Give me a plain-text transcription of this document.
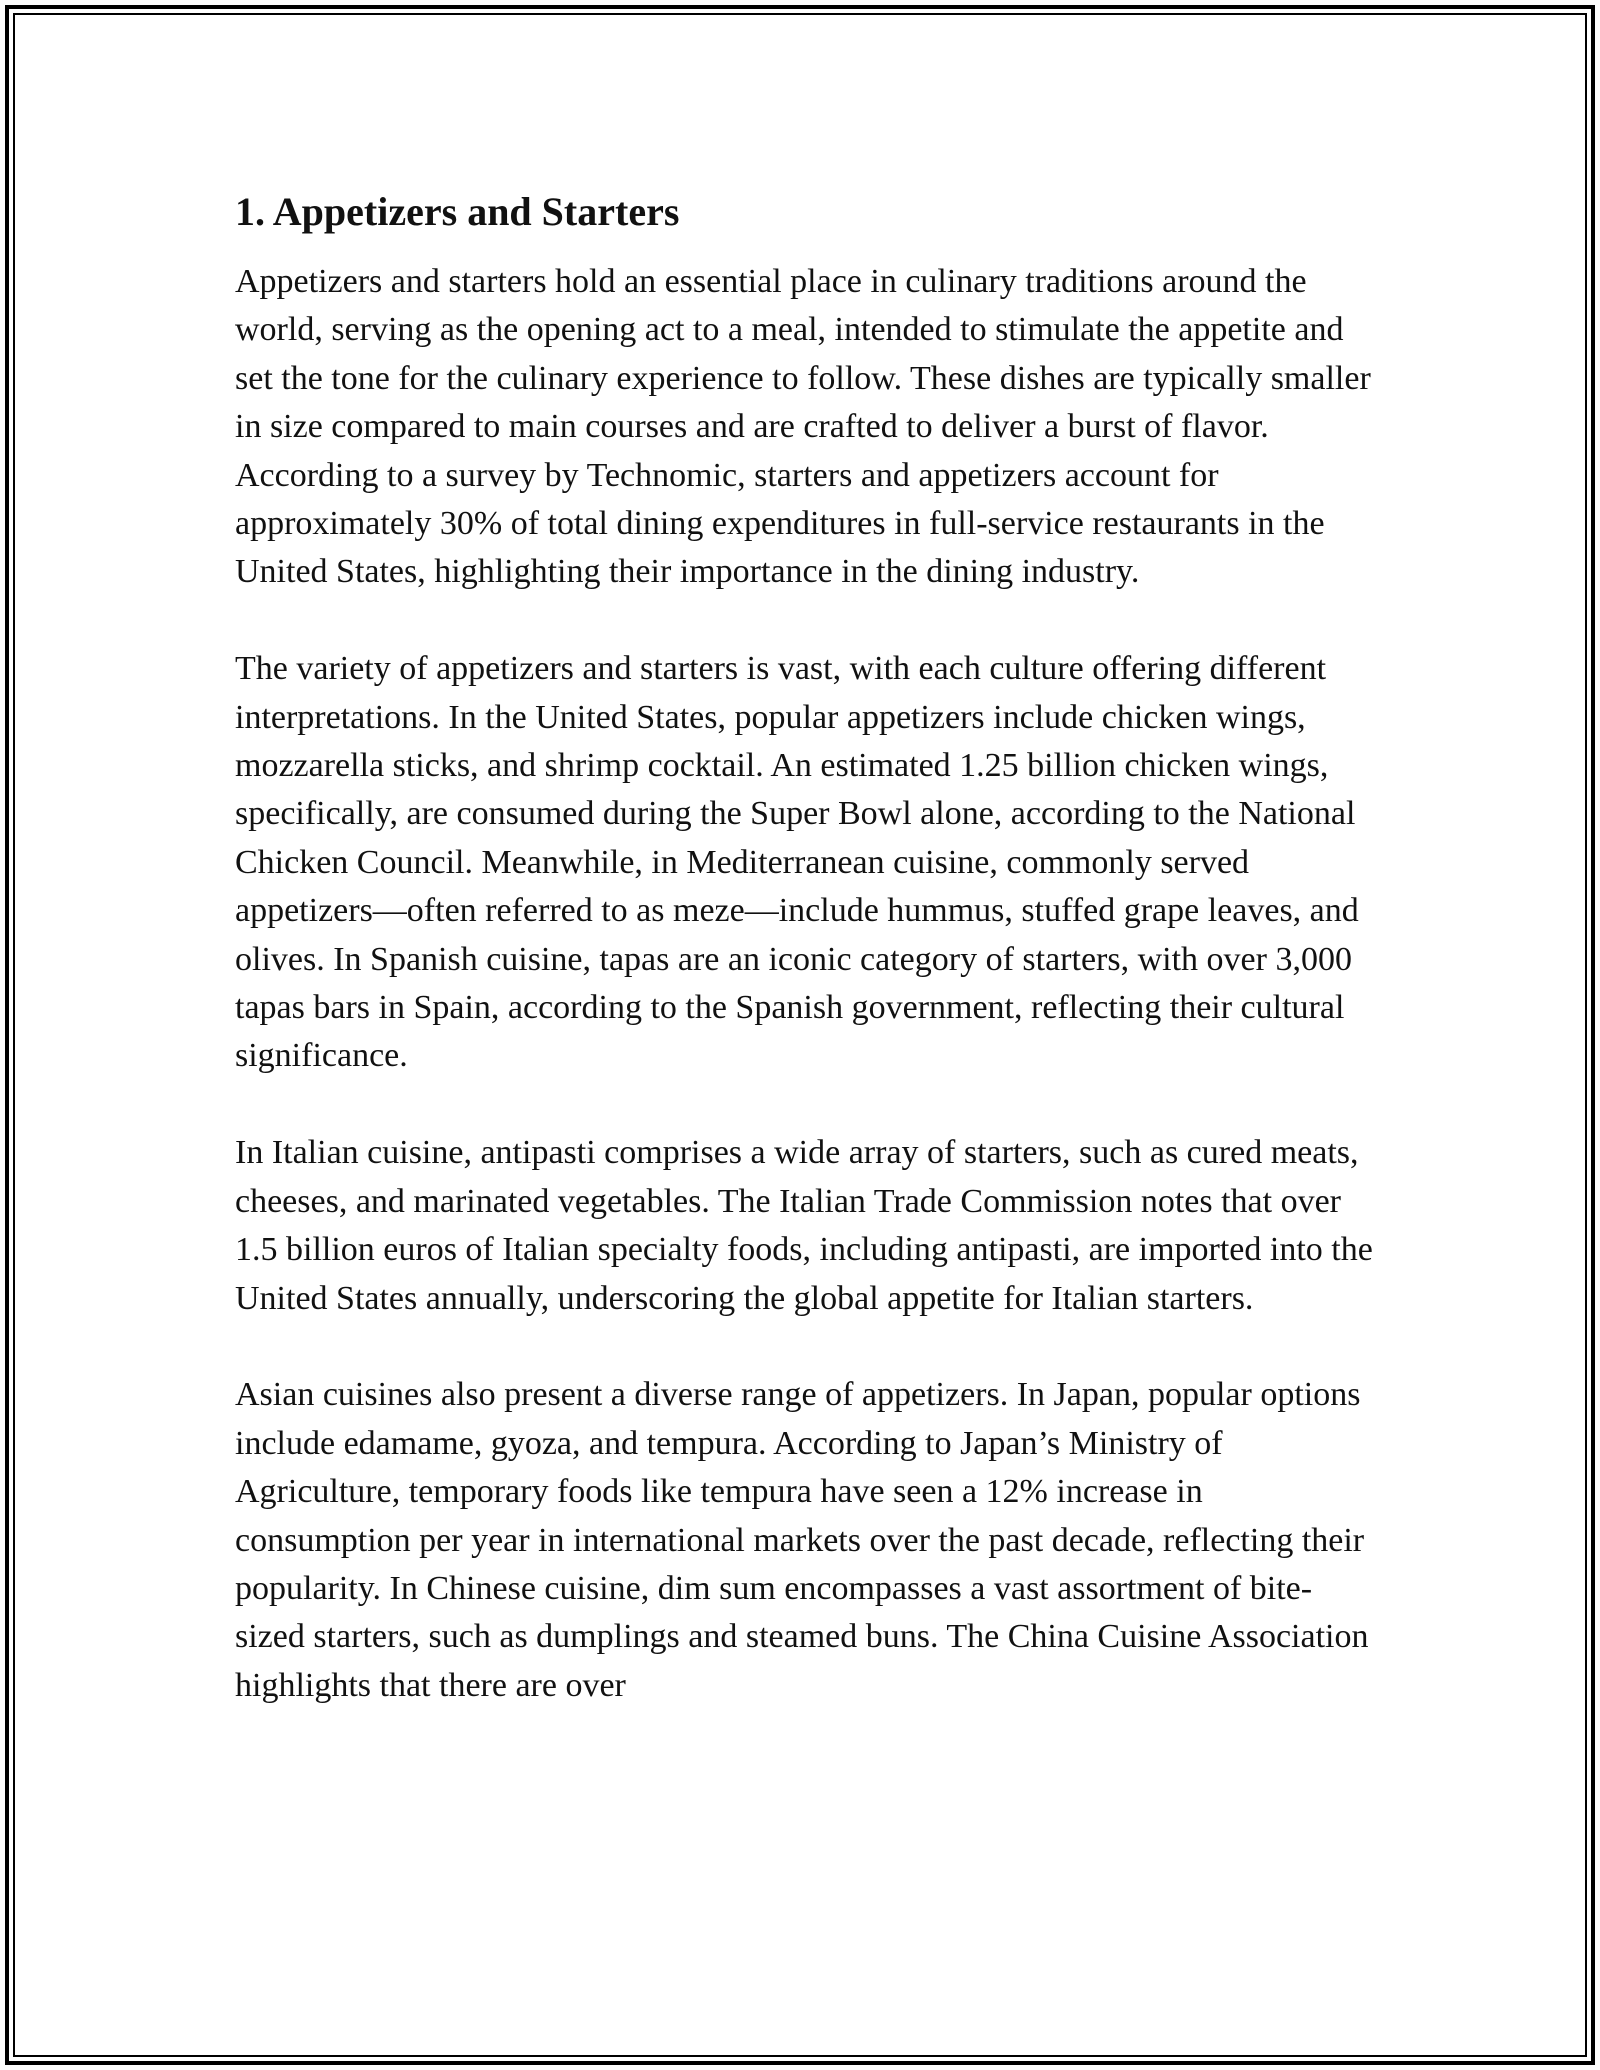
1. Appetizers and Starters

Appetizers and starters hold an essential place in culinary traditions around the world, serving as the opening act to a meal, intended to stimulate the appetite and set the tone for the culinary experience to follow. These dishes are typically smaller in size compared to main courses and are crafted to deliver a burst of flavor. According to a survey by Technomic, starters and appetizers account for approximately 30% of total dining expenditures in full-service restaurants in the United States, highlighting their importance in the dining industry.

The variety of appetizers and starters is vast, with each culture offering different interpretations. In the United States, popular appetizers include chicken wings, mozzarella sticks, and shrimp cocktail. An estimated 1.25 billion chicken wings, specifically, are consumed during the Super Bowl alone, according to the National Chicken Council. Meanwhile, in Mediterranean cuisine, commonly served appetizers—often referred to as meze—include hummus, stuffed grape leaves, and olives. In Spanish cuisine, tapas are an iconic category of starters, with over 3,000 tapas bars in Spain, according to the Spanish government, reflecting their cultural significance.

In Italian cuisine, antipasti comprises a wide array of starters, such as cured meats, cheeses, and marinated vegetables. The Italian Trade Commission notes that over 1.5 billion euros of Italian specialty foods, including antipasti, are imported into the United States annually, underscoring the global appetite for Italian starters.

Asian cuisines also present a diverse range of appetizers. In Japan, popular options include edamame, gyoza, and tempura. According to Japan’s Ministry of Agriculture, temporary foods like tempura have seen a 12% increase in consumption per year in international markets over the past decade, reflecting their popularity. In Chinese cuisine, dim sum encompasses a vast assortment of bite-sized starters, such as dumplings and steamed buns. The China Cuisine Association highlights that there are over
